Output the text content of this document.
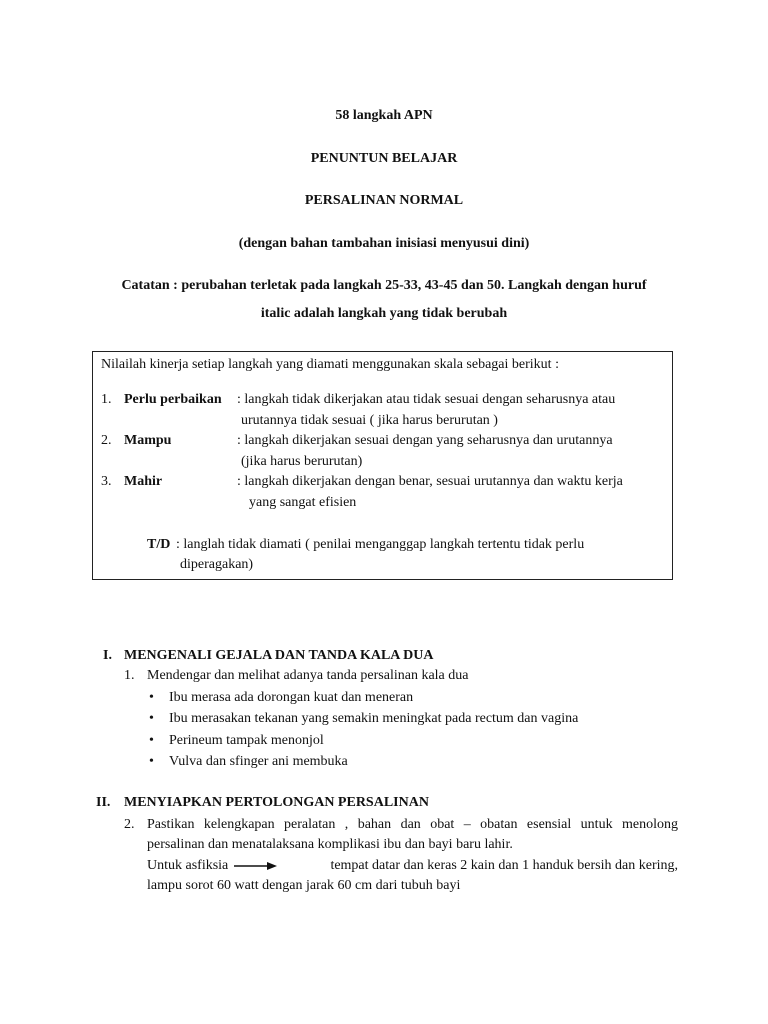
58 langkah APN
PENUNTUN BELAJAR
PERSALINAN NORMAL
(dengan bahan tambahan inisiasi menyusui dini)
Catatan : perubahan terletak pada langkah 25-33, 43-45 dan 50. Langkah dengan huruf
italic adalah langkah yang tidak berubah
Nilailah kinerja setiap langkah yang diamati menggunakan skala sebagai berikut :
1. Perlu perbaikan : langkah tidak dikerjakan atau tidak sesuai dengan seharusnya atau
urutannya tidak sesuai ( jika harus berurutan )
2. Mampu	: langkah dikerjakan sesuai dengan yang seharusnya dan urutannya
(jika harus berurutan)
3. Mahir	: langkah dikerjakan dengan benar, sesuai urutannya dan waktu kerja
yang sangat efisien
T/D : langlah tidak diamati ( penilai menganggap langkah tertentu tidak perlu
diperagakan)
I. MENGENALI GEJALA DAN TANDA KALA DUA
1. Mendengar dan melihat adanya tanda persalinan kala dua
• Ibu merasa ada dorongan kuat dan meneran
• Ibu merasakan tekanan yang semakin meningkat pada rectum dan vagina
• Perineum tampak menonjol
• Vulva dan sfinger ani membuka
II. MENYIAPKAN PERTOLONGAN PERSALINAN
2. Pastikan kelengkapan peralatan , bahan dan obat – obatan esensial untuk menolong
persalinan dan menatalaksana komplikasi ibu dan bayi baru lahir.
Untuk asfiksia	tempat datar dan keras 2 kain dan 1 handuk bersih dan kering,
lampu sorot 60 watt dengan jarak 60 cm dari tubuh bayi
